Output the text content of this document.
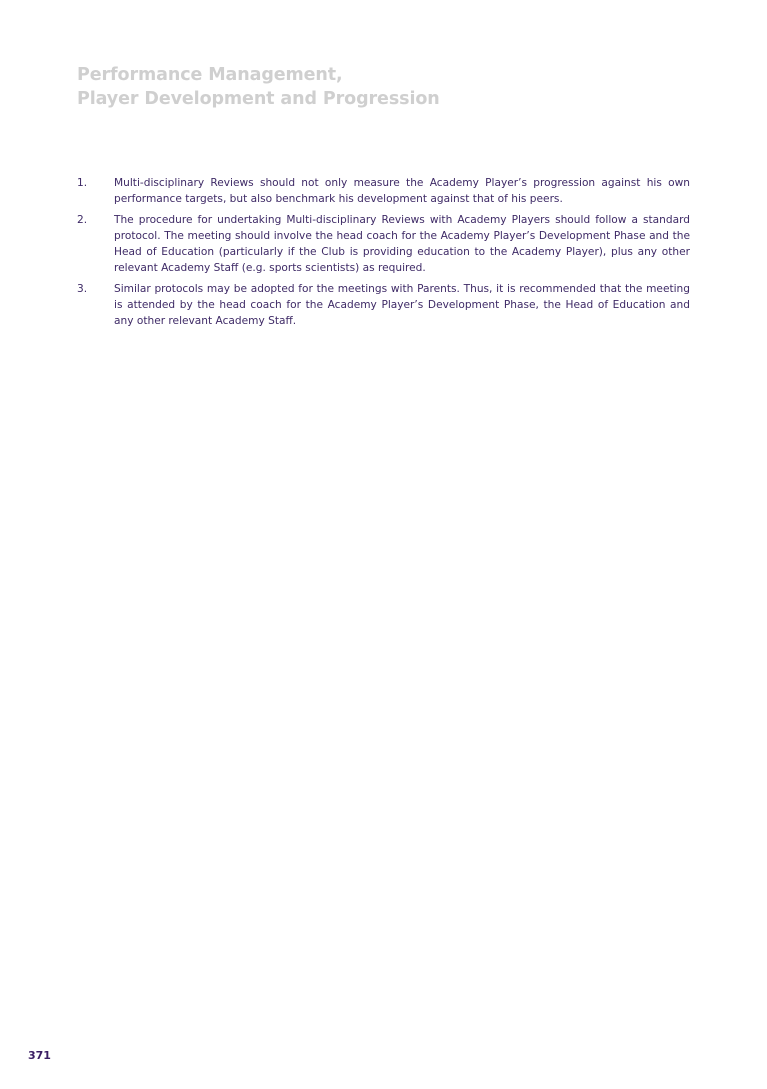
Performance Management,
Player Development and Progression
1.	Multi-disciplinary Reviews should not only measure the Academy Player’s progression against his own performance targets, but also benchmark his development against that of his peers.
2.	The procedure for undertaking Multi-disciplinary Reviews with Academy Players should follow a standard protocol. The meeting should involve the head coach for the Academy Player’s Development Phase and the Head of Education (particularly if the Club is providing education to the Academy Player), plus any other relevant Academy Staff (e.g. sports scientists) as required.
3.	Similar protocols may be adopted for the meetings with Parents. Thus, it is recommended that the meeting is attended by the head coach for the Academy Player’s Development Phase, the Head of Education and any other relevant Academy Staff.
371
